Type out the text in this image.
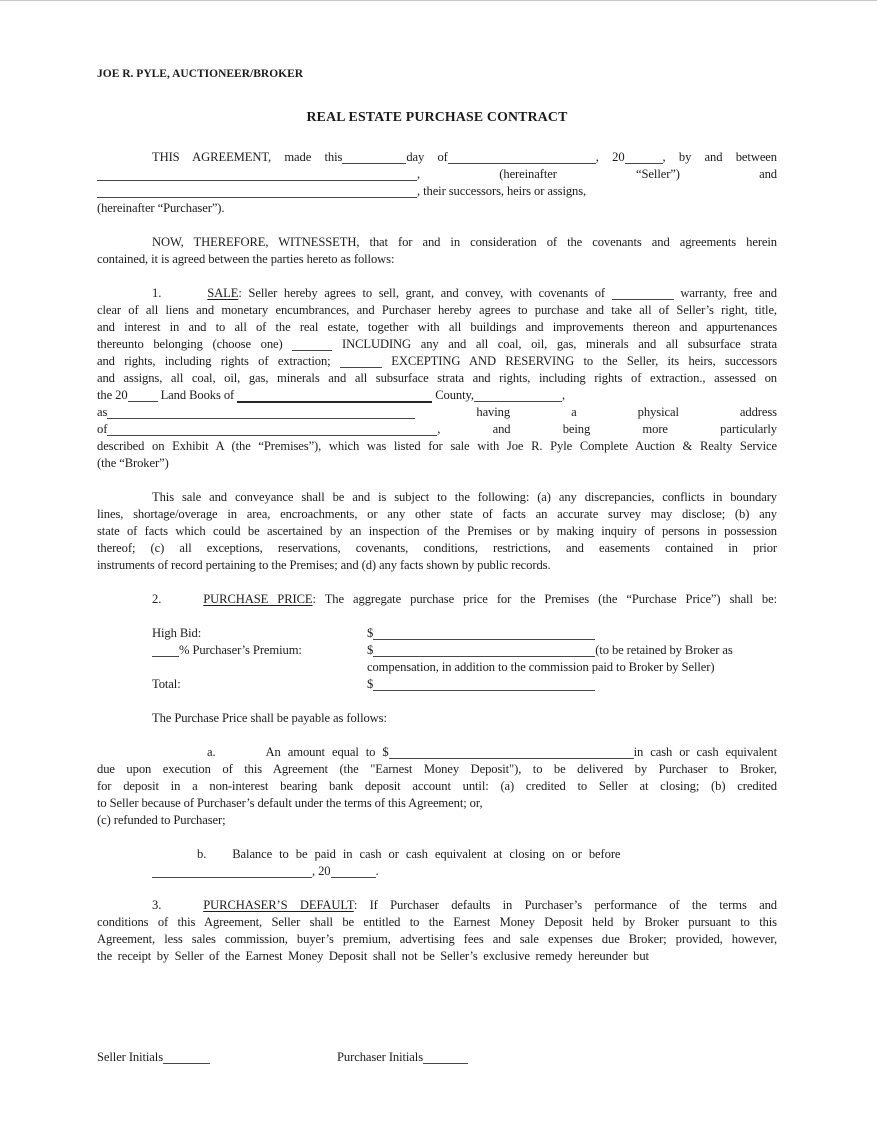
JOE R. PYLE, AUCTIONEER/BROKER
REAL ESTATE PURCHASE CONTRACT
THIS AGREEMENT, made this	day of	, 20	, by and between
, (hereinafter “Seller”) and
, their successors, heirs or assigns,
(hereinafter “Purchaser”).
NOW, THEREFORE, WITNESSETH, that for and in consideration of the covenants and agreements herein
contained, it is agreed between the parties hereto as follows:
1.	SALE: Seller hereby agrees to sell, grant, and convey, with covenants of	warranty, free and
clear of all liens and monetary encumbrances, and Purchaser hereby agrees to purchase and take all of Seller’s right, title,
and interest in and to all of the real estate, together with all buildings and improvements thereon and appurtenances
thereunto belonging (choose one)	INCLUDING any and all coal, oil, gas, minerals and all subsurface strata
and rights, including rights of extraction;	EXCEPTING AND RESERVING to the Seller, its heirs, successors
and assigns, all coal, oil, gas, minerals and all subsurface strata and rights, including rights of extraction., assessed on
the 20 Land Books of	County,	,
as	having a physical address
of	, and being more particularly
described on Exhibit A (the “Premises”), which was listed for sale with Joe R. Pyle Complete Auction & Realty Service
(the “Broker”)
This sale and conveyance shall be and is subject to the following: (a) any discrepancies, conflicts in boundary
lines, shortage/overage in area, encroachments, or any other state of facts an accurate survey may disclose; (b) any
state of facts which could be ascertained by an inspection of the Premises or by making inquiry of persons in possession
thereof; (c) all exceptions, reservations, covenants, conditions, restrictions, and easements contained in prior
instruments of record pertaining to the Premises; and (d) any facts shown by public records.
2.	PURCHASE PRICE: The aggregate purchase price for the Premises (the “Purchase Price”) shall be:
High Bid:	$
% Purchaser’s Premium:	$	(to be retained by Broker as
compensation, in addition to the commission paid to Broker by Seller)
Total:	$
The Purchase Price shall be payable as follows:
a.	An amount equal to $	in cash or cash equivalent
due upon execution of this Agreement (the "Earnest Money Deposit"), to be delivered by Purchaser to Broker,
for deposit in a non-interest bearing bank deposit account until: (a) credited to Seller at closing; (b) credited
to Seller because of Purchaser’s default under the terms of this Agreement; or,
(c) refunded to Purchaser;
b. Balance to be paid in cash or cash equivalent at closing on or before
, 20	.
3.	PURCHASER’S DEFAULT: If Purchaser defaults in Purchaser’s performance of the terms and
conditions of this Agreement, Seller shall be entitled to the Earnest Money Deposit held by Broker pursuant to this
Agreement, less sales commission, buyer’s premium, advertising fees and sale expenses due Broker; provided, however,
the receipt by Seller of the Earnest Money Deposit shall not be Seller’s exclusive remedy hereunder but
Seller Initials	Purchaser Initials
